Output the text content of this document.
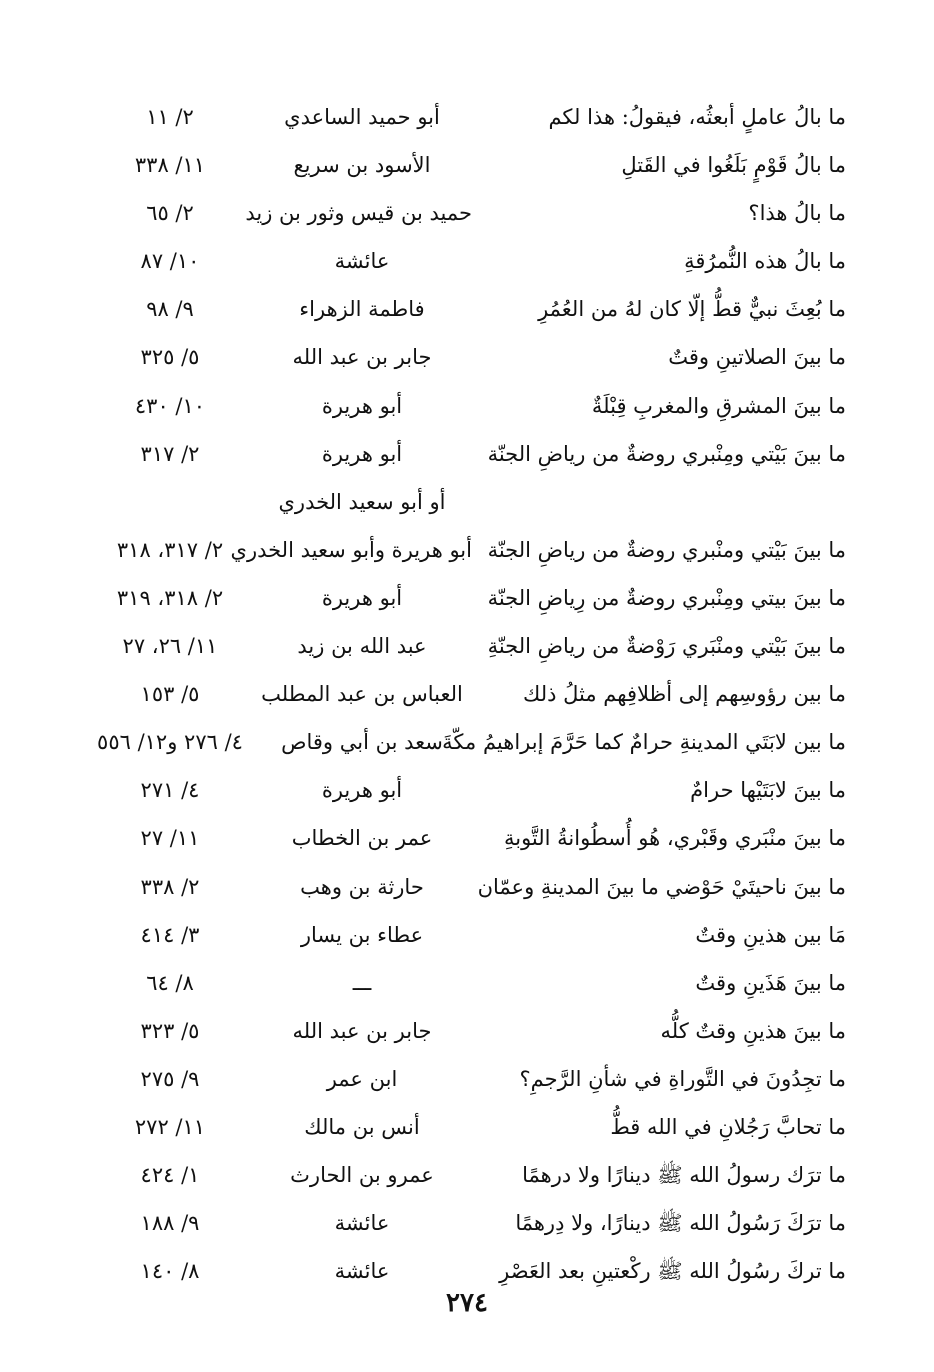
ما بالُ عاملٍ أبعثُه، فيقولُ: هذا لكم
أبو حميد الساعدي
٢/ ١١
ما بالُ قَوْمٍ بَلَغُوا في القَتلِ
الأسود بن سريع
١١/ ٣٣٨
ما بالُ هذا؟
حميد بن قيس وثور بن زيد
٢/ ٦٥
ما بالُ هذه النُّمرُقةِ
عائشة
١٠/ ٨٧
ما بُعِثَ نبيٌّ قطُّ إلّا كان لهُ من العُمُرِ
فاطمة الزهراء
٩/ ٩٨
ما بينَ الصلاتينِ وقتٌ
جابر بن عبد الله
٥/ ٣٢٥
ما بينَ المشرقِ والمغربِ قِبْلَةٌ
أبو هريرة
١٠/ ٤٣٠
ما بينَ بَيْتي ومِنْبري روضةٌ من رياضِ الجنّة
أبو هريرة
٢/ ٣١٧
أو أبو سعيد الخدري
ما بينَ بَيْتي ومنْبري روضةٌ من رياضِ الجنّة
أبو هريرة وأبو سعيد الخدري
٢/ ٣١٧، ٣١٨
ما بينَ بيتي ومِنْبري روضةٌ من رِياضِ الجنّة
أبو هريرة
٢/ ٣١٨، ٣١٩
ما بينَ بَيْتي ومنْبَري رَوْضةٌ من رياضِ الجنّةِ
عبد الله بن زيد
١١/ ٢٦، ٢٧
ما بين رؤوسِهم إلى أظلافِهم مثلُ ذلك
العباس بن عبد المطلب
٥/ ١٥٣
ما بين لابَتَي المدينةِ حرامٌ كما حَرَّمَ إبراهيمُ مكّةَ
سعد بن أبي وقاص
٤/ ٢٧٦ و١٢/ ٥٥٦
ما بينَ لابَتَيْها حرامٌ
أبو هريرة
٤/ ٢٧١
ما بينَ منْبَري وقَبْري، هُو أُسطُوانةُ التَّوبةِ
عمر بن الخطاب
١١/ ٢٧
ما بينَ ناحيتَيْ حَوْضي ما بينَ المدينةِ وعمّان
حارثة بن وهب
٢/ ٣٣٨
مَا بين هذينِ وقتٌ
عطاء بن يسار
٣/ ٤١٤
ما بينَ هَذَينِ وقتٌ
ـــ
٨/ ٦٤
ما بينَ هذينِ وقتٌ كلُّه
جابر بن عبد الله
٥/ ٣٢٣
ما تجِدُونَ في التَّوراةِ في شأنِ الرَّجمِ؟
ابن عمر
٩/ ٢٧٥
ما تحابَّ رَجُلانِ في الله قطُّ
أنس بن مالك
١١/ ٢٧٢
ما ترَك رسولُ الله ﷺ دينارًا ولا درهمًا
عمرو بن الحارث
١/ ٤٢٤
ما ترَكَ رَسُولُ الله ﷺ دينارًا، ولا دِرهمًا
عائشة
٩/ ١٨٨
ما تركَ رسُولُ الله ﷺ ركْعتينِ بعد العَصْرِ
عائشة
٨/ ١٤٠
٢٧٤
